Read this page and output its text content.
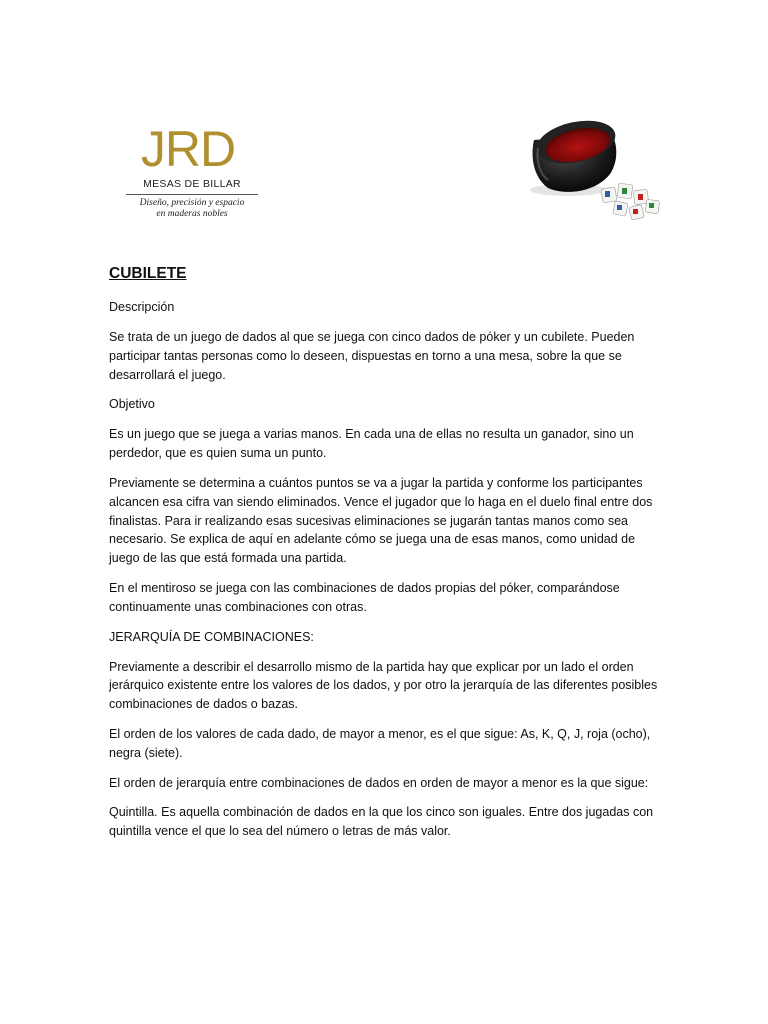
JRD
MESAS DE BILLAR
Diseño, precisión y espacio
en maderas nobles
CUBILETE
Descripción

Se trata de un juego de dados al que se juega con cinco dados de póker y un cubilete. Pueden participar tantas personas como lo deseen, dispuestas en torno a una mesa, sobre la que se desarrollará el juego.

Objetivo

Es un juego que se juega a varias manos. En cada una de ellas no resulta un ganador, sino un perdedor, que es quien suma un punto.

Previamente se determina a cuántos puntos se va a jugar la partida y conforme los participantes alcancen esa cifra van siendo eliminados. Vence el jugador que lo haga en el duelo final entre dos finalistas. Para ir realizando esas sucesivas eliminaciones se jugarán tantas manos como sea necesario. Se explica de aquí en adelante cómo se juega una de esas manos, como unidad de juego de las que está formada una partida.

En el mentiroso se juega con las combinaciones de dados propias del póker, comparándose continuamente unas combinaciones con otras.

JERARQUÍA DE COMBINACIONES:

Previamente a describir el desarrollo mismo de la partida hay que explicar por un lado el orden jerárquico existente entre los valores de los dados, y por otro la jerarquía de las diferentes posibles combinaciones de dados o bazas.

El orden de los valores de cada dado, de mayor a menor, es el que sigue: As, K, Q, J, roja (ocho), negra (siete).

El orden de jerarquía entre combinaciones de dados en orden de mayor a menor es la que sigue:

Quintilla. Es aquella combinación de dados en la que los cinco son iguales. Entre dos jugadas con quintilla vence el que lo sea del número o letras de más valor.
